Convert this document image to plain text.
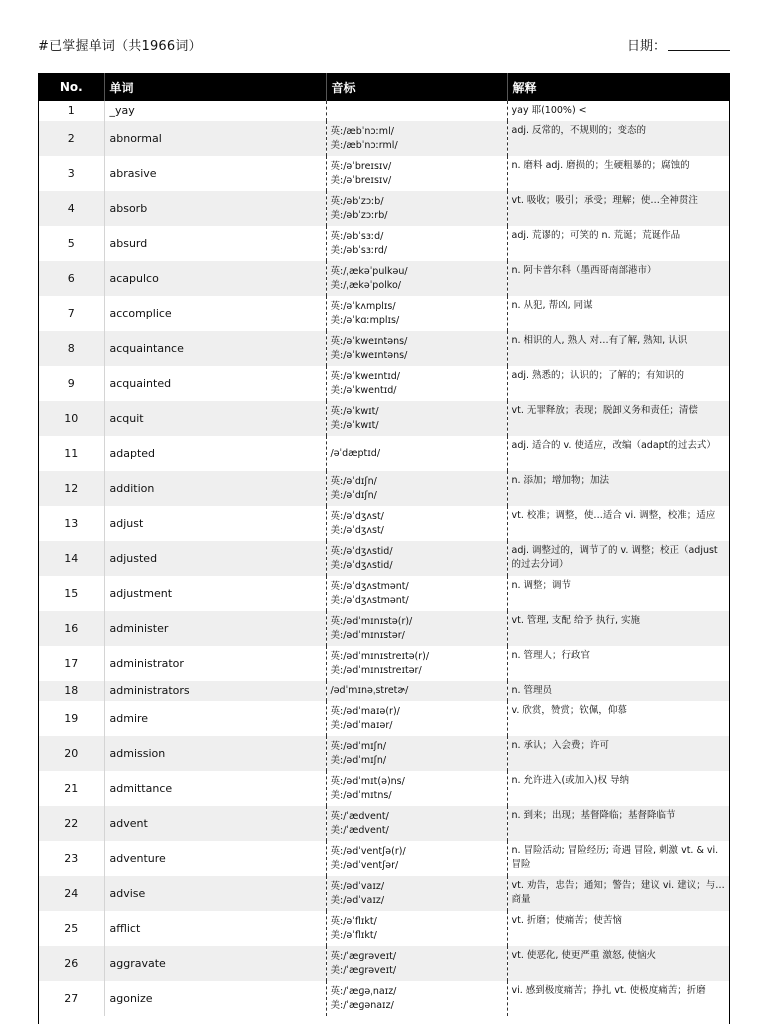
#已掌握单词（共1966词）	日期：
No.	单词	音标	解释
1	_yay		yay 耶(100%) <
2	abnormal	英:/æbˈnɔːml/
美:/æbˈnɔːrml/	adj. 反常的，不规则的；变态的
3	abrasive	英:/əˈbreɪsɪv/
美:/əˈbreɪsɪv/	n. 磨料 adj. 磨损的；生硬粗暴的；腐蚀的
4	absorb	英:/əbˈzɔːb/
美:/əbˈzɔːrb/	vt. 吸收；吸引；承受；理解；使…全神贯注
5	absurd	英:/əbˈsɜːd/
美:/əbˈsɜːrd/	adj. 荒谬的；可笑的 n. 荒诞；荒诞作品
6	acapulco	英:/ˌækəˈpulkəu/
美:/ˌækəˈpolko/	n. 阿卡普尔科（墨西哥南部港市）
7	accomplice	英:/əˈkʌmplɪs/
美:/əˈkɑːmplɪs/	n. 从犯, 帮凶, 同谋
8	acquaintance	英:/əˈkweɪntəns/
美:/əˈkweɪntəns/	n. 相识的人, 熟人 对…有了解, 熟知, 认识
9	acquainted	英:/əˈkweɪntɪd/
美:/əˈkwentɪd/	adj. 熟悉的；认识的；了解的；有知识的
10	acquit	英:/əˈkwɪt/
美:/əˈkwɪt/	vt. 无罪释放；表现；脱卸义务和责任；清偿
11	adapted	/əˈdæptɪd/	adj. 适合的 v. 使适应，改编（adapt的过去式）
12	addition	英:/əˈdɪʃn/
美:/əˈdɪʃn/	n. 添加；增加物；加法
13	adjust	英:/əˈdʒʌst/
美:/əˈdʒʌst/	vt. 校准；调整，使…适合 vi. 调整，校准；适应
14	adjusted	英:/əˈdʒʌstid/
美:/əˈdʒʌstid/	adj. 调整过的，调节了的 v. 调整；校正（adjust的过去分词）
15	adjustment	英:/əˈdʒʌstmənt/
美:/əˈdʒʌstmənt/	n. 调整；调节
16	administer	英:/ədˈmɪnɪstə(r)/
美:/ədˈmɪnɪstər/	vt. 管理, 支配 给予 执行, 实施
17	administrator	英:/ədˈmɪnɪstreɪtə(r)/
美:/ədˈmɪnɪstreɪtər/	n. 管理人；行政官
18	administrators	/ədˈmɪnəˌstretɚ/	n. 管理员
19	admire	英:/ədˈmaɪə(r)/
美:/ədˈmaɪər/	v. 欣赏，赞赏；钦佩，仰慕
20	admission	英:/ədˈmɪʃn/
美:/ədˈmɪʃn/	n. 承认；入会费；许可
21	admittance	英:/ədˈmɪt(ə)ns/
美:/ədˈmɪtns/	n. 允许进入(或加入)权 导纳
22	advent	英:/ˈædvent/
美:/ˈædvent/	n. 到来；出现；基督降临；基督降临节
23	adventure	英:/ədˈventʃə(r)/
美:/ədˈventʃər/	n. 冒险活动; 冒险经历; 奇遇 冒险, 刺激 vt. & vi. 冒险
24	advise	英:/ədˈvaɪz/
美:/ədˈvaɪz/	vt. 劝告，忠告；通知；警告；建议 vi. 建议；与…商量
25	afflict	英:/əˈflɪkt/
美:/əˈflɪkt/	vt. 折磨；使痛苦；使苦恼
26	aggravate	英:/ˈæɡrəveɪt/
美:/ˈæɡrəveɪt/	vt. 使恶化, 使更严重 激怒, 使恼火
27	agonize	英:/ˈæɡəˌnaɪz/
美:/ˈæɡənaɪz/	vi. 感到极度痛苦；挣扎 vt. 使极度痛苦；折磨
